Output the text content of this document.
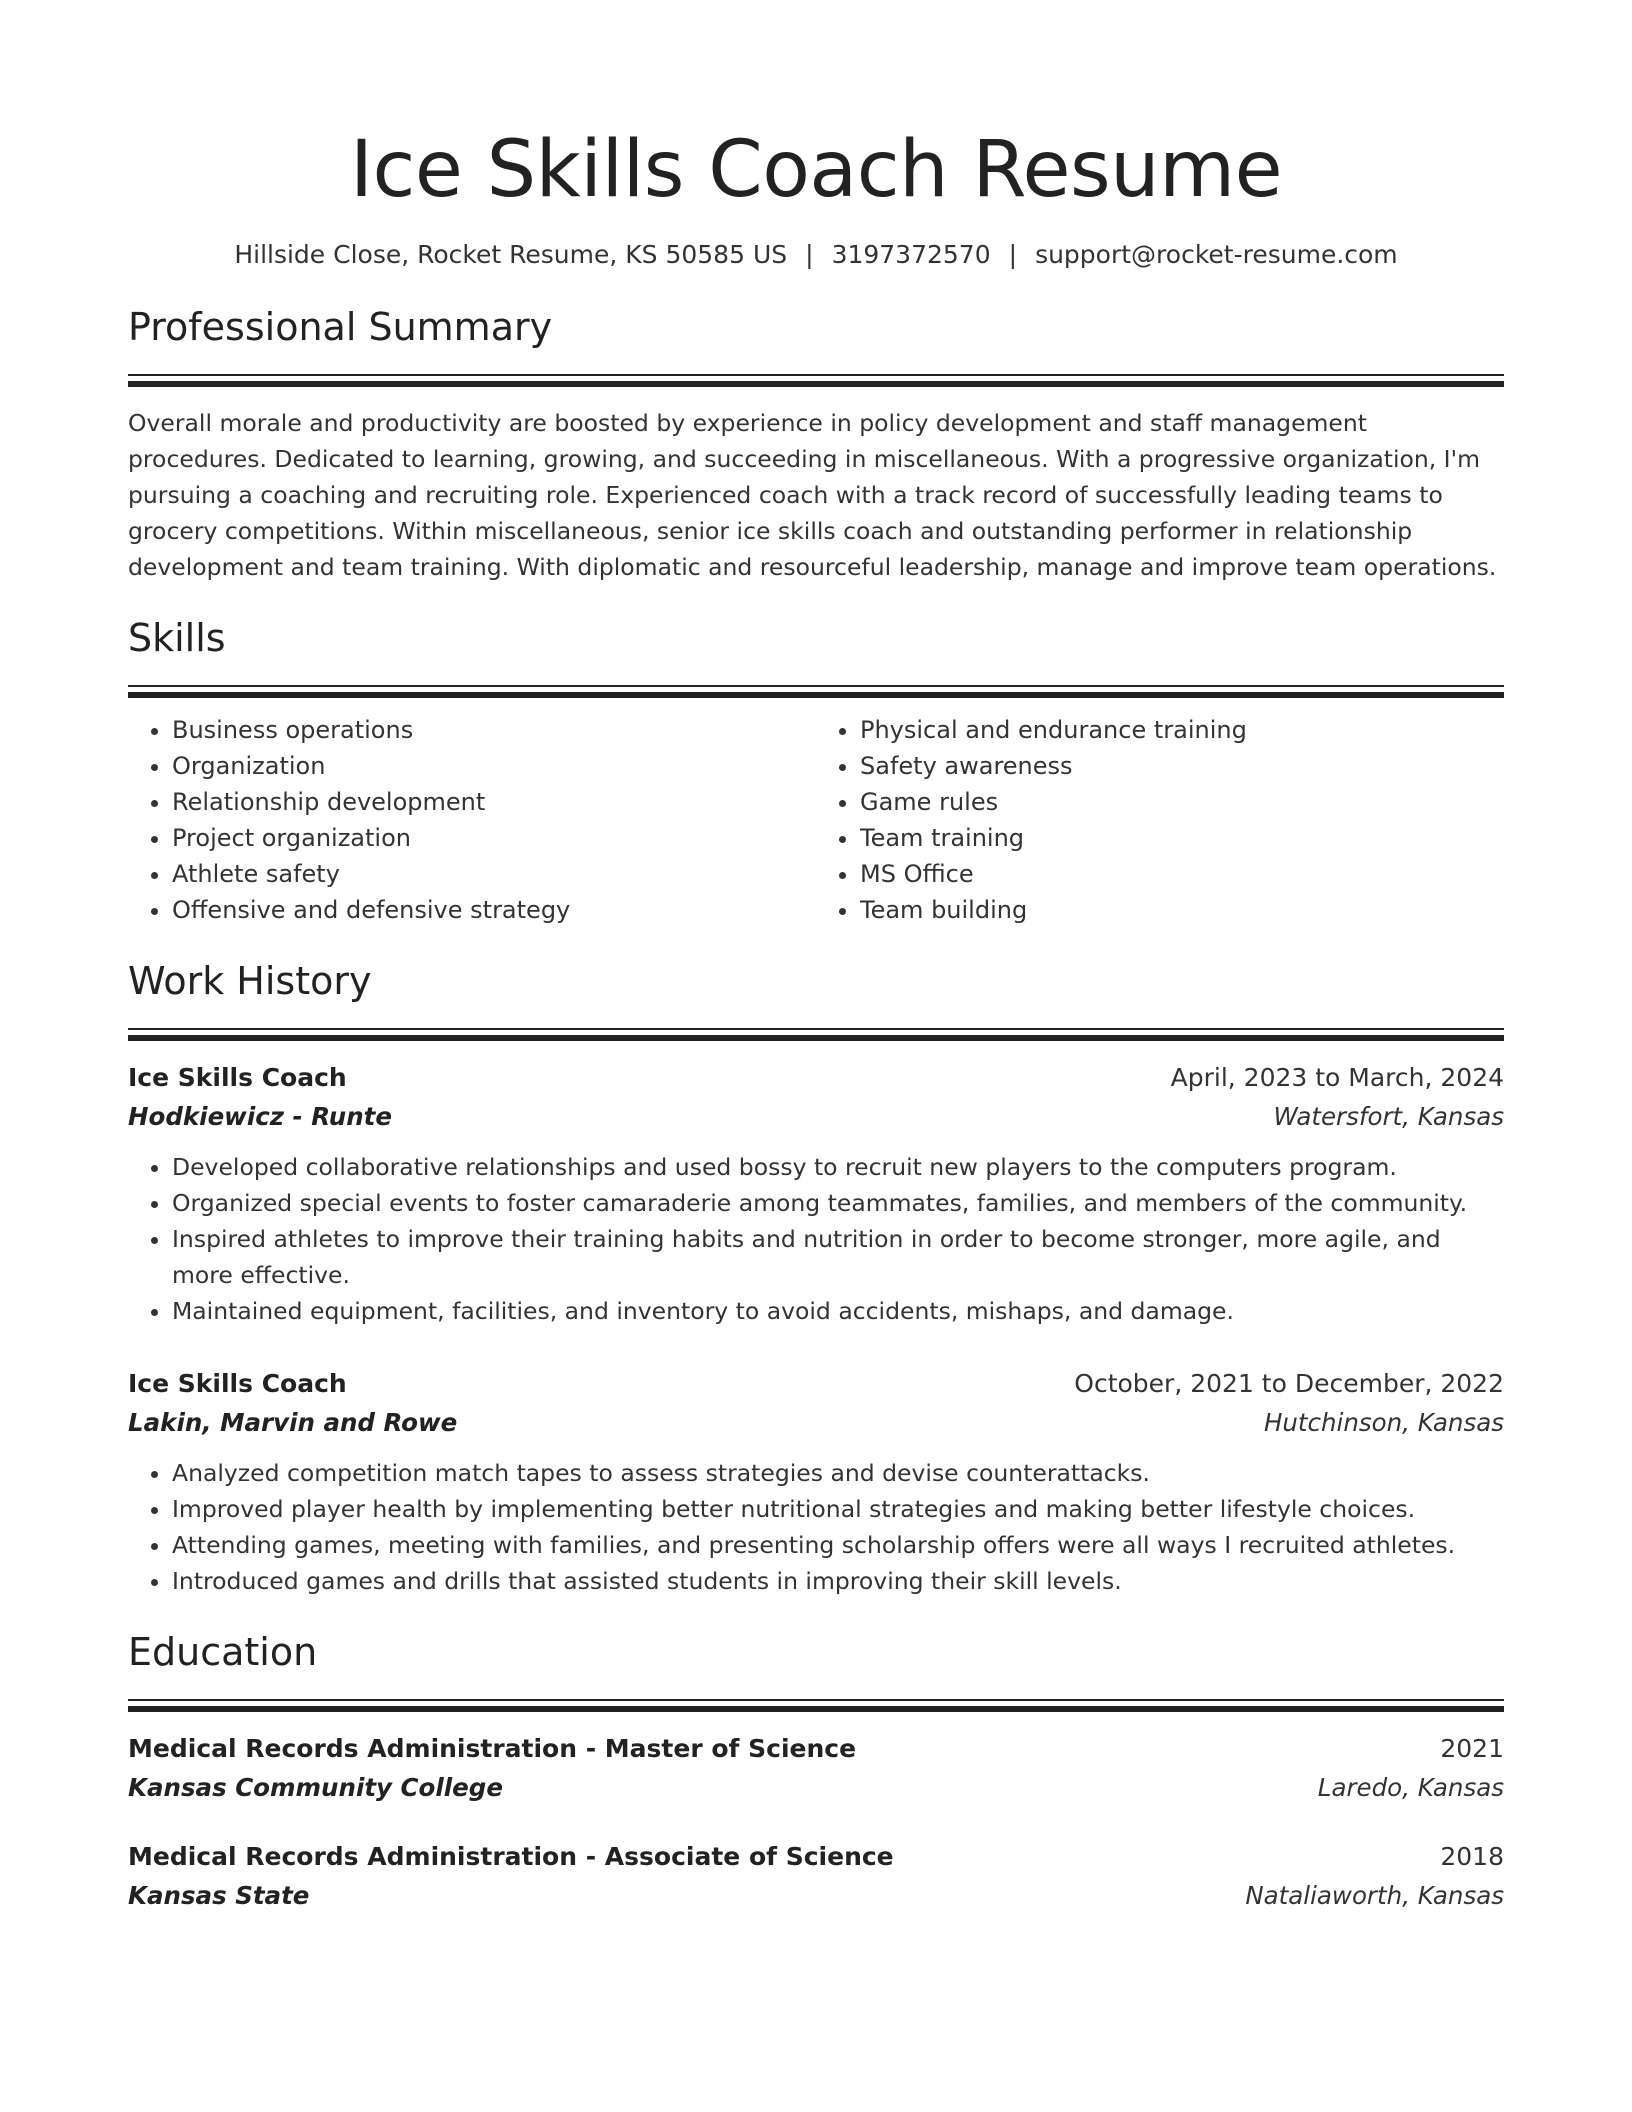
Ice Skills Coach Resume
Hillside Close, Rocket Resume, KS 50585 US | 3197372570 | support@rocket-resume.com
Professional Summary
Overall morale and productivity are boosted by experience in policy development and staff management procedures. Dedicated to learning, growing, and succeeding in miscellaneous. With a progressive organization, I'm pursuing a coaching and recruiting role. Experienced coach with a track record of successfully leading teams to grocery competitions. Within miscellaneous, senior ice skills coach and outstanding performer in relationship development and team training. With diplomatic and resourceful leadership, manage and improve team operations.
Skills
• Business operations
• Organization
• Relationship development
• Project organization
• Athlete safety
• Offensive and defensive strategy
• Physical and endurance training
• Safety awareness
• Game rules
• Team training
• MS Office
• Team building
Work History
Ice Skills Coach	April, 2023 to March, 2024
Hodkiewicz - Runte	Watersfort, Kansas
• Developed collaborative relationships and used bossy to recruit new players to the computers program.
• Organized special events to foster camaraderie among teammates, families, and members of the community.
• Inspired athletes to improve their training habits and nutrition in order to become stronger, more agile, and more effective.
• Maintained equipment, facilities, and inventory to avoid accidents, mishaps, and damage.
Ice Skills Coach	October, 2021 to December, 2022
Lakin, Marvin and Rowe	Hutchinson, Kansas
• Analyzed competition match tapes to assess strategies and devise counterattacks.
• Improved player health by implementing better nutritional strategies and making better lifestyle choices.
• Attending games, meeting with families, and presenting scholarship offers were all ways I recruited athletes.
• Introduced games and drills that assisted students in improving their skill levels.
Education
Medical Records Administration - Master of Science	2021
Kansas Community College	Laredo, Kansas
Medical Records Administration - Associate of Science	2018
Kansas State	Nataliaworth, Kansas
